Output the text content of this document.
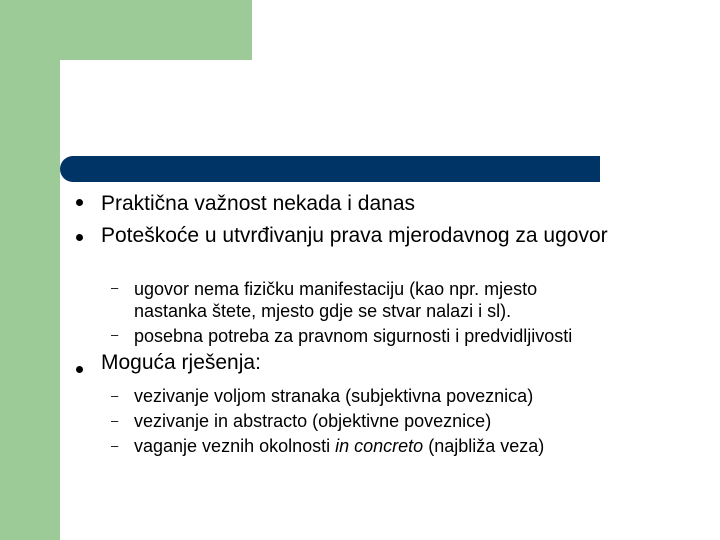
Praktična važnost nekada i danas
Poteškoće u utvrđivanju prava mjerodavnog za ugovor
– ugovor nema fizičku manifestaciju (kao npr. mjesto nastanka štete, mjesto gdje se stvar nalazi i sl).
– posebna potreba za pravnom sigurnosti i predvidljivosti
Moguća rješenja:
– vezivanje voljom stranaka (subjektivna poveznica)
– vezivanje in abstracto (objektivne poveznice)
– vaganje veznih okolnosti in concreto (najbliža veza)
